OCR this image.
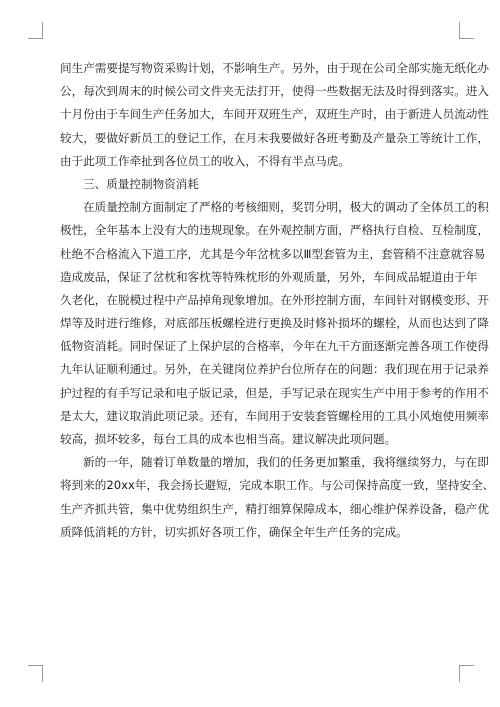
间生产需要提写物资采购计划，不影响生产。另外，由于现在公司全部实施无纸化办
公，每次到周末的时候公司文件夹无法打开，使得一些数据无法及时得到落实。进入
十月份由于车间生产任务加大，车间开双班生产，双班生产时，由于新进人员流动性
较大，要做好新员工的登记工作，在月末我要做好各班考勤及产量杂工等统计工作，
由于此项工作牵扯到各位员工的收入，不得有半点马虎。
三、质量控制物资消耗
在质量控制方面制定了严格的考核细则，奖罚分明，极大的调动了全体员工的积
极性，全年基本上没有大的违规现象。在外观控制方面，严格执行自检、互检制度，
杜绝不合格流入下道工序，尤其是今年岔枕多以Ⅲ型套管为主，套管稍不注意就容易
造成废品，保证了岔枕和客枕等特殊枕形的外观质量，另外，车间成品辊道由于年
久老化，在脱模过程中产品掉角现象增加。在外形控制方面，车间针对钢模变形、开
焊等及时进行维修，对底部压板螺栓进行更换及时修补损坏的螺栓，从而也达到了降
低物资消耗。同时保证了上保护层的合格率，今年在九干方面逐渐完善各项工作使得
九年认证顺利通过。另外，在关键岗位养护台位所存在的问题：我们现在用于记录养
护过程的有手写记录和电子版记录，但是，手写记录在现实生产中用于参考的作用不
是太大，建议取消此项记录。还有，车间用于安装套管螺栓用的工具小风炮使用频率
较高，损坏较多，每台工具的成本也相当高。建议解决此项问题。
新的一年，随着订单数量的增加，我们的任务更加繁重，我将继续努力，与在即
将到来的20xx年，我会扬长避短，完成本职工作。与公司保持高度一致，坚持安全、
生产齐抓共管，集中优势组织生产，精打细算保障成本，细心维护保养设备，稳产优
质降低消耗的方针，切实抓好各项工作，确保全年生产任务的完成。
